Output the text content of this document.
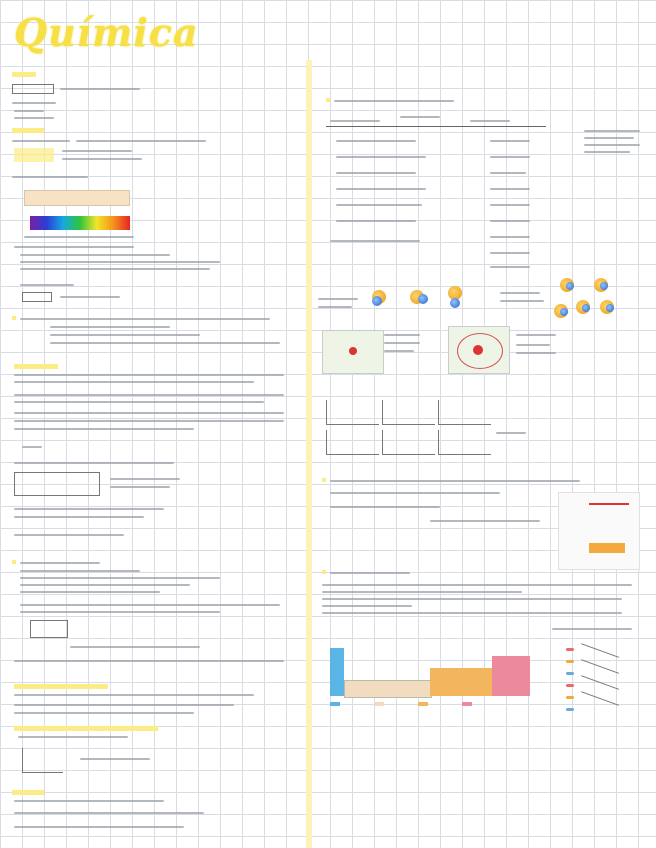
Química
